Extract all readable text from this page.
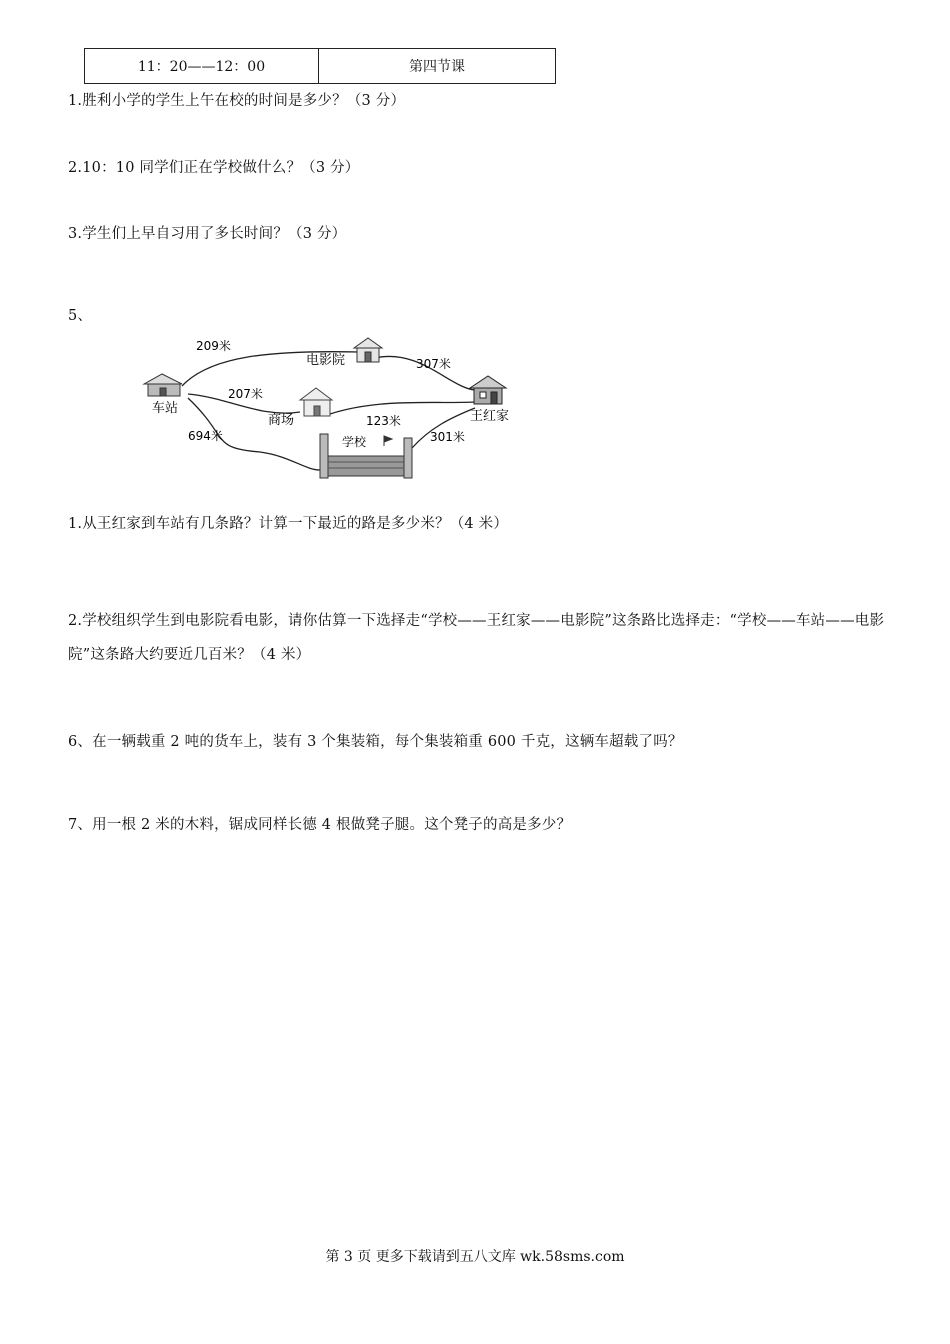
11：20——12：00	第四节课
1.胜利小学的学生上午在校的时间是多少？（3 分）
2.10：10 同学们正在学校做什么？（3 分）
3.学生们上早自习用了多长时间？（3 分）
5、
车站
电影院
商场
学校
王红家
209米
307米
207米
123米
694米	301米
1.从王红家到车站有几条路？计算一下最近的路是多少米？（4 米）
2.学校组织学生到电影院看电影，请你估算一下选择走“学校——王红家——电影院”这条路比选择走：“学校——车站——电影院”这条路大约要近几百米？（4 米）
6、在一辆载重 2 吨的货车上，装有 3 个集装箱，每个集装箱重 600 千克，这辆车超载了吗？
7、用一根 2 米的木料，锯成同样长德 4 根做凳子腿。这个凳子的高是多少？
第 3 页 更多下载请到五八文库 wk.58sms.com
